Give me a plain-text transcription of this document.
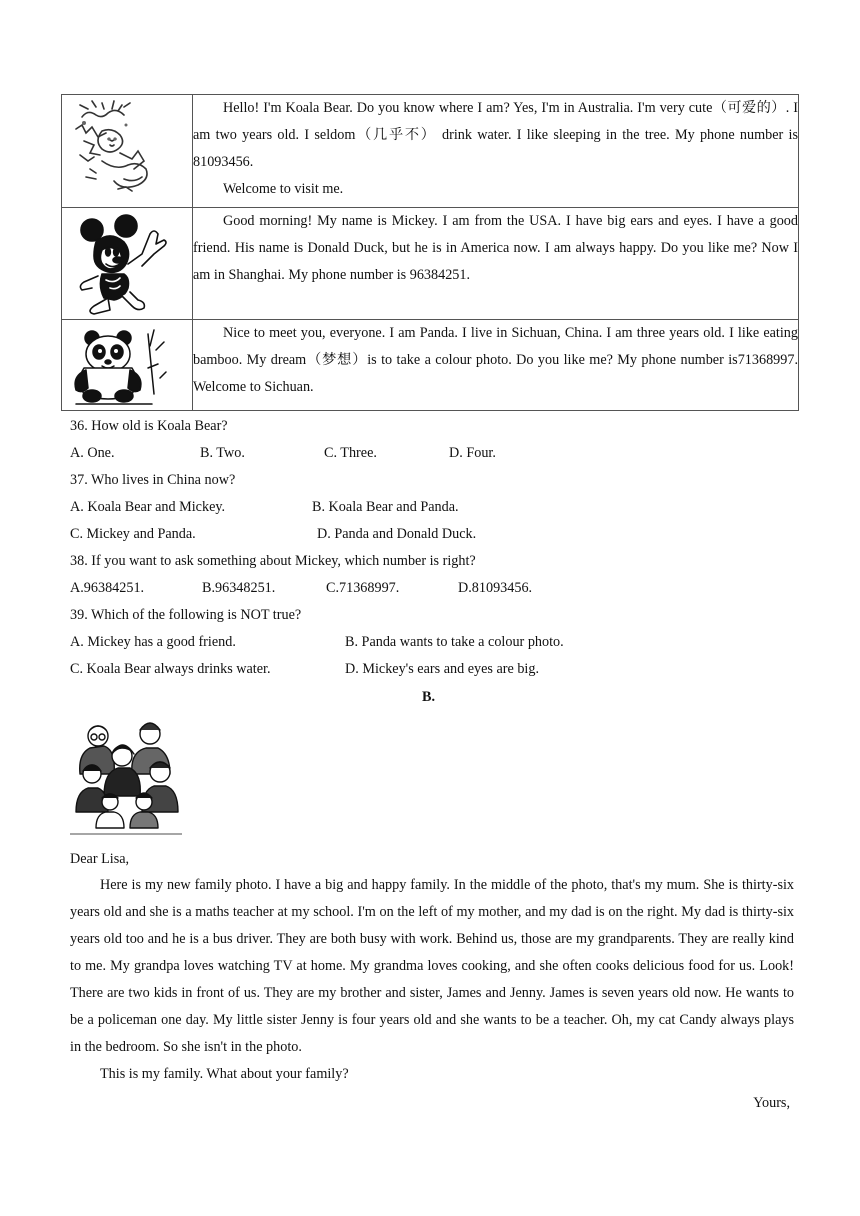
Hello! I'm Koala Bear. Do you know where I am? Yes, I'm in Australia. I'm very cute（可爱的）. I am two years old. I seldom（几乎不） drink water. I like sleeping in the tree. My phone number is 81093456.

Welcome to visit me.

Good morning! My name is Mickey. I am from the USA. I have big ears and eyes. I have a good friend. His name is Donald Duck, but he is in America now. I am always happy. Do you like me? Now I am in Shanghai. My phone number is 96384251.

Nice to meet you, everyone. I am Panda. I live in Sichuan, China. I am three years old. I like eating bamboo. My dream（梦想）is to take a colour photo. Do you like me? My phone number is71368997. Welcome to Sichuan.

36. How old is Koala Bear?
A. One.	B. Two.	C. Three.	D. Four.
37. Who lives in China now?
A. Koala Bear and Mickey.	B. Koala Bear and Panda.
C. Mickey and Panda.	D. Panda and Donald Duck.
38. If you want to ask something about Mickey, which number is right?
A.96384251.	B.96348251.	C.71368997.	D.81093456.
39. Which of the following is NOT true?
A. Mickey has a good friend.	B. Panda wants to take a colour photo.
C. Koala Bear always drinks water.	D. Mickey's ears and eyes are big.
B.
Dear Lisa,

Here is my new family photo. I have a big and happy family. In the middle of the photo, that's my mum. She is thirty-six years old and she is a maths teacher at my school. I'm on the left of my mother, and my dad is on the right. My dad is thirty-six years old too and he is a bus driver. They are both busy with work. Behind us, those are my grandparents. They are really kind to me. My grandpa loves watching TV at home. My grandma loves cooking, and she often cooks delicious food for us. Look! There are two kids in front of us. They are my brother and sister, James and Jenny. James is seven years old now. He wants to be a policeman one day. My little sister Jenny is four years old and she wants to be a teacher. Oh, my cat Candy always plays in the bedroom. So she isn't in the photo.

This is my family. What about your family?

Yours,
